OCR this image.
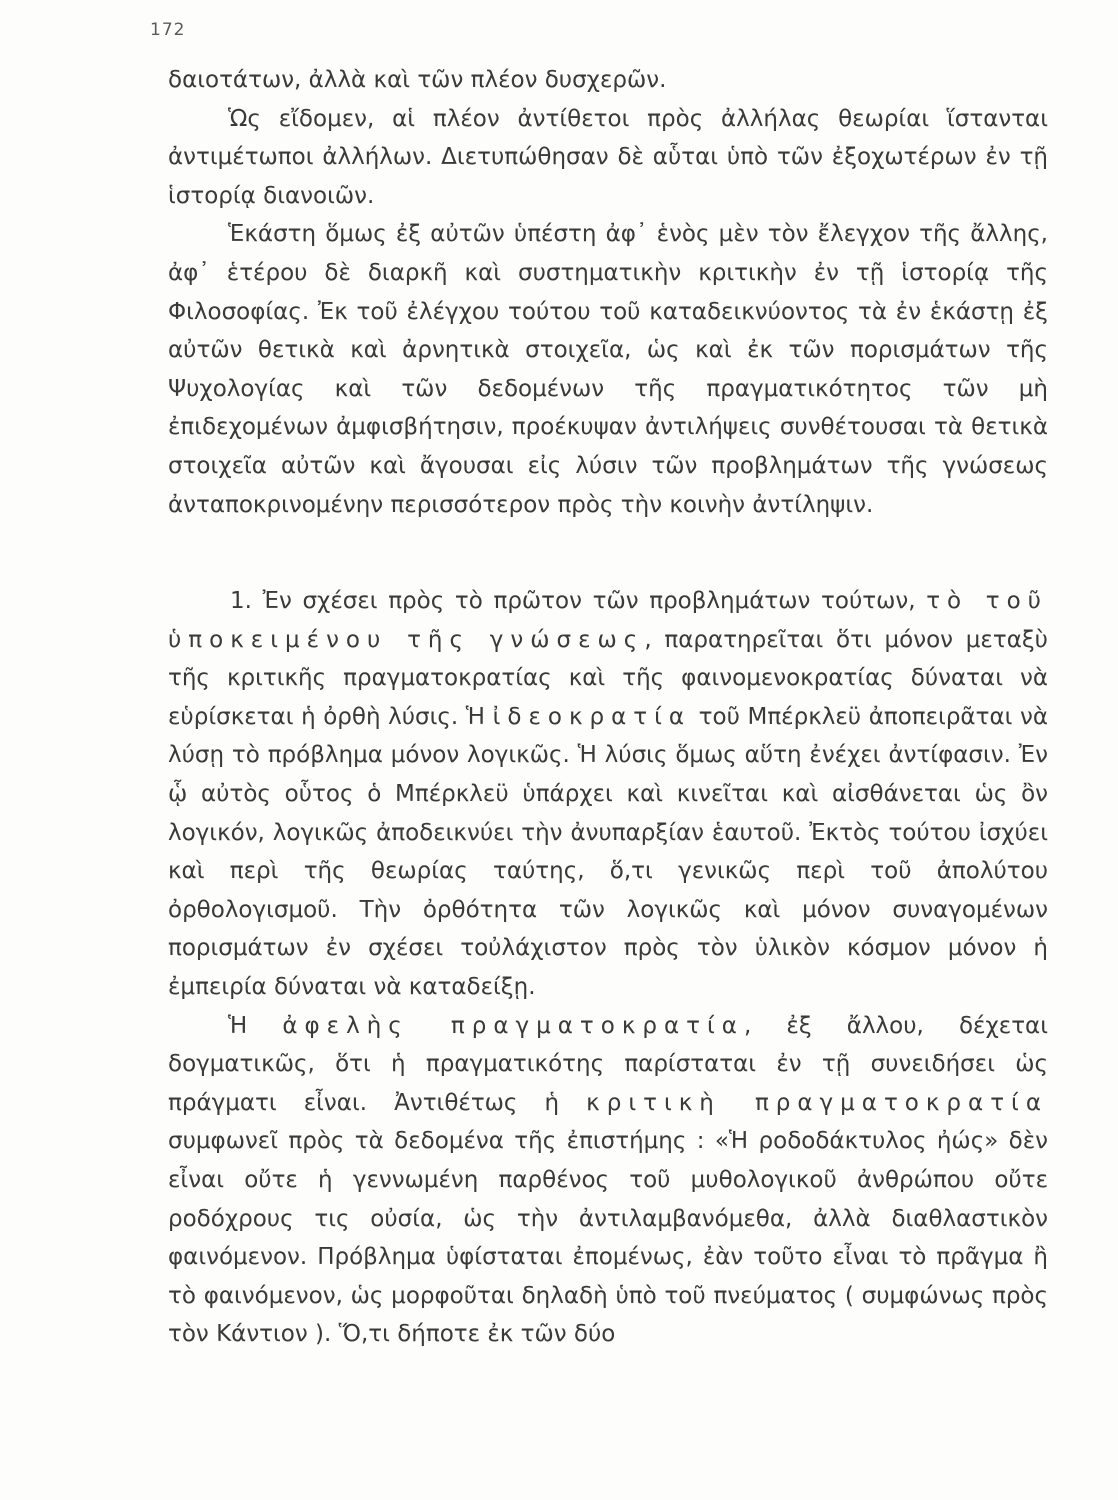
172

δαιοτάτων, ἀλλὰ καὶ τῶν πλέον δυσχερῶν.

Ὡς εἴδομεν, αἱ πλέον ἀντίθετοι πρὸς ἀλλήλας θεωρίαι ἵστανται ἀντιμέτωποι ἀλλήλων. Διετυπώθησαν δὲ αὗται ὑπὸ τῶν ἐξοχωτέρων ἐν τῇ ἱστορίᾳ διανοιῶν.

Ἑκάστη ὅμως ἐξ αὐτῶν ὑπέστη ἀφ᾽ ἑνὸς μὲν τὸν ἔλεγχον τῆς ἄλλης, ἀφ᾽ ἑτέρου δὲ διαρκῆ καὶ συστηματικὴν κριτικὴν ἐν τῇ ἱστορίᾳ τῆς Φιλοσοφίας. Ἐκ τοῦ ἐλέγχου τούτου τοῦ καταδεικνύοντος τὰ ἐν ἑκάστῃ ἐξ αὐτῶν θετικὰ καὶ ἀρνητικὰ στοιχεῖα, ὡς καὶ ἐκ τῶν πορισμάτων τῆς Ψυχολογίας καὶ τῶν δεδομένων τῆς πραγματικότητος τῶν μὴ ἐπιδεχομένων ἀμφισβήτησιν, προέκυψαν ἀντιλήψεις συνθέτουσαι τὰ θετικὰ στοιχεῖα αὐτῶν καὶ ἄγουσαι εἰς λύσιν τῶν προβλημάτων τῆς γνώσεως ἀνταποκρινομένην περισσότερον πρὸς τὴν κοινὴν ἀντίληψιν.

1. Ἐν σχέσει πρὸς τὸ πρῶτον τῶν προβλημάτων τούτων, τὸ τοῦ ὑποκειμένου τῆς γνώσεως, παρατηρεῖται ὅτι μόνον μεταξὺ τῆς κριτικῆς πραγματοκρατίας καὶ τῆς φαινομενοκρατίας δύναται νὰ εὑρίσκεται ἡ ὀρθὴ λύσις. Ἡ ἰδεοκρατία τοῦ Μπέρκλεϋ ἀποπειρᾶται νὰ λύσῃ τὸ πρόβλημα μόνον λογικῶς. Ἡ λύσις ὅμως αὕτη ἐνέχει ἀντίφασιν. Ἐν ᾧ αὐτὸς οὗτος ὁ Μπέρκλεϋ ὑπάρχει καὶ κινεῖται καὶ αἰσθάνεται ὡς ὂν λογικόν, λογικῶς ἀποδεικνύει τὴν ἀνυπαρξίαν ἑαυτοῦ. Ἐκτὸς τούτου ἰσχύει καὶ περὶ τῆς θεωρίας ταύτης, ὅ,τι γενικῶς περὶ τοῦ ἀπολύτου ὀρθολογισμοῦ. Τὴν ὀρθότητα τῶν λογικῶς καὶ μόνον συναγομένων πορισμάτων ἐν σχέσει τοὐλάχιστον πρὸς τὸν ὑλικὸν κόσμον μόνον ἡ ἐμπειρία δύναται νὰ καταδείξῃ.

Ἡ ἀφελὴς πραγματοκρατία, ἐξ ἄλλου, δέχεται δογματικῶς, ὅτι ἡ πραγματικότης παρίσταται ἐν τῇ συνειδήσει ὡς πράγματι εἶναι. Ἀντιθέτως ἡ κριτικὴ πραγματοκρατία συμφωνεῖ πρὸς τὰ δεδομένα τῆς ἐπιστήμης : «Ἡ ροδοδάκτυλος ἠώς» δὲν εἶναι οὔτε ἡ γεννωμένη παρθένος τοῦ μυθολογικοῦ ἀνθρώπου οὔτε ροδόχρους τις οὐσία, ὡς τὴν ἀντιλαμβανόμεθα, ἀλλὰ διαθλαστικὸν φαινόμενον. Πρόβλημα ὑφίσταται ἐπομένως, ἐὰν τοῦτο εἶναι τὸ πρᾶγμα ἢ τὸ φαινόμενον, ὡς μορφοῦται δηλαδὴ ὑπὸ τοῦ πνεύματος ( συμφώνως πρὸς τὸν Κάντιον ). Ὅ,τι δήποτε ἐκ τῶν δύο
